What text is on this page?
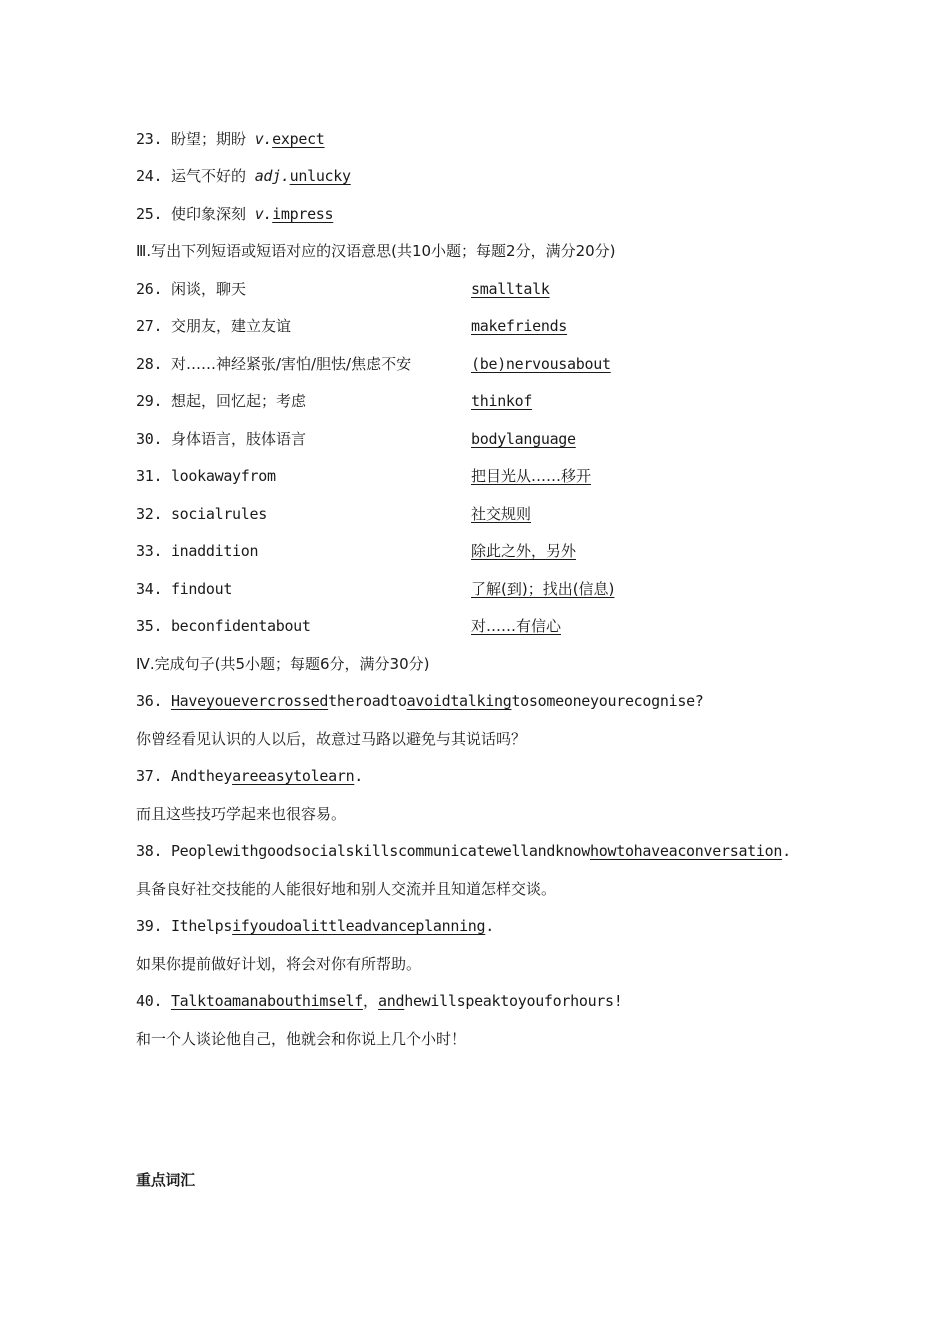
23. 盼望；期盼 v.expect
24. 运气不好的 adj.unlucky
25. 使印象深刻 v.impress
Ⅲ.写出下列短语或短语对应的汉语意思(共10小题；每题2分，满分20分)
26. 闲谈，聊天	smalltalk
27. 交朋友，建立友谊	makefriends
28. 对……神经紧张/害怕/胆怯/焦虑不安	(be)nervousabout
29. 想起，回忆起；考虑	thinkof
30. 身体语言，肢体语言	bodylanguage
31. lookawayfrom	把目光从……移开
32. socialrules	社交规则
33. inaddition	除此之外，另外
34. findout	了解(到)；找出(信息)
35. beconfidentabout	对……有信心
Ⅳ.完成句子(共5小题；每题6分，满分30分)
36. Haveyouevercrossedtheroadtoavoidtalkingtosomeoneyourecognise?
你曾经看见认识的人以后，故意过马路以避免与其说话吗？
37. Andtheyareeasytolearn.
而且这些技巧学起来也很容易。
38. Peoplewithgoodsocialskillscommunicatewellandknowhowtohaveaconversation.
具备良好社交技能的人能很好地和别人交流并且知道怎样交谈。
39. Ithelpsifyoudoalittleadvanceplanning.
如果你提前做好计划，将会对你有所帮助。
40. Talktoamanabouthimself，andhewillspeaktoyouforhours!
和一个人谈论他自己，他就会和你说上几个小时！
重点词汇
